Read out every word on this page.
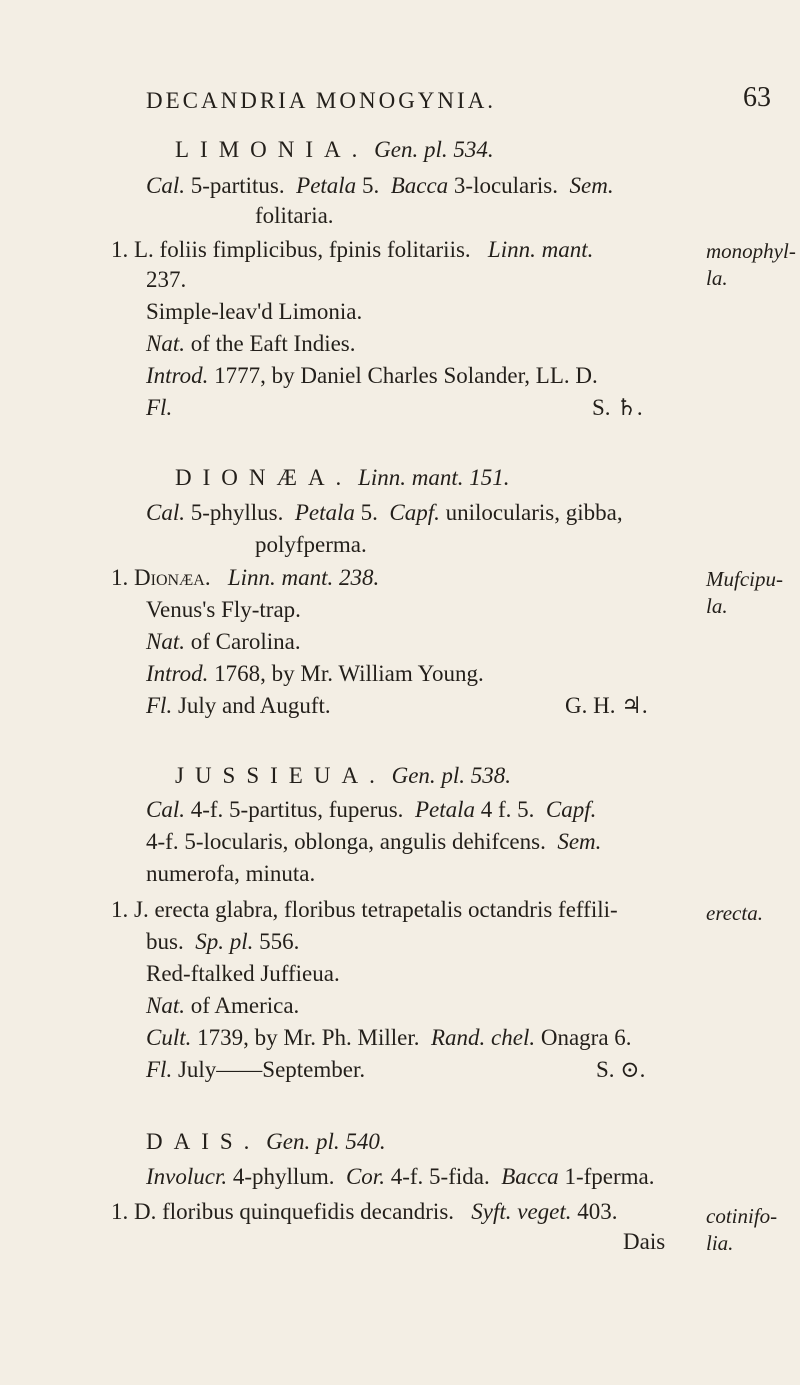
DECANDRIA MONOGYNIA.	63
LIMONIA. Gen. pl. 534.
Cal. 5-partitus. Petala 5. Bacca 3-locularis. Sem.
folitaria.
1. L. foliis fimplicibus, fpinis folitariis. Linn. mant.
237.
Simple-leav'd Limonia.
Nat. of the Eaft Indies.
Introd. 1777, by Daniel Charles Solander, LL. D.
Fl.	S. ♄.
monophyl-
la.
DIONÆA. Linn. mant. 151.
Cal. 5-phyllus. Petala 5. Capf. unilocularis, gibba,
polyfperma.
1. Dionæa. Linn. mant. 238.
Venus's Fly-trap.
Nat. of Carolina.
Introd. 1768, by Mr. William Young.
Fl. July and Auguft.	G. H. ♃.
Mufcipu-
la.
JUSSIEUA. Gen. pl. 538.
Cal. 4-f. 5-partitus, fuperus. Petala 4 f. 5. Capf.
4-f. 5-locularis, oblonga, angulis dehifcens. Sem.
numerofa, minuta.
1. J. erecta glabra, floribus tetrapetalis octandris feffili-
bus. Sp. pl. 556.
Red-ftalked Juffieua.
Nat. of America.
Cult. 1739, by Mr. Ph. Miller. Rand. chel. Onagra 6.
Fl. July——September.	S. ⊙.
erecta.
DAIS. Gen. pl. 540.
Involucr. 4-phyllum. Cor. 4-f. 5-fida. Bacca 1-fperma.
1. D. floribus quinquefidis decandris. Syft. veget. 403.
Dais
cotinifo-
lia.
